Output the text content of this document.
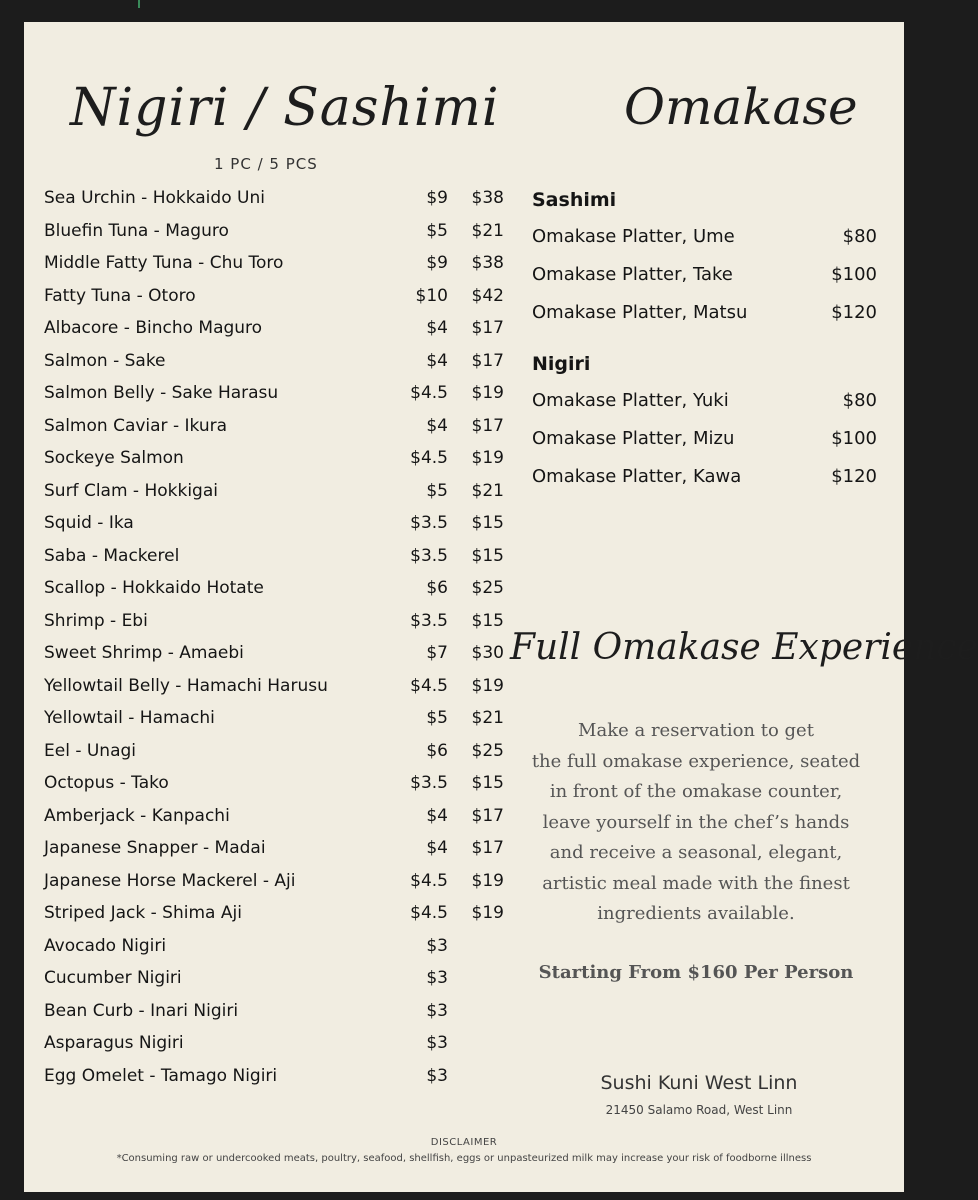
Nigiri / Sashimi
1 PC / 5 PCS
Sea Urchin - Hokkaido Uni	$9	$38
Bluefin Tuna - Maguro	$5	$21
Middle Fatty Tuna - Chu Toro	$9	$38
Fatty Tuna - Otoro	$10	$42
Albacore - Bincho Maguro	$4	$17
Salmon - Sake	$4	$17
Salmon Belly - Sake Harasu	$4.5	$19
Salmon Caviar - Ikura	$4	$17
Sockeye Salmon	$4.5	$19
Surf Clam - Hokkigai	$5	$21
Squid - Ika	$3.5	$15
Saba - Mackerel	$3.5	$15
Scallop - Hokkaido Hotate	$6	$25
Shrimp - Ebi	$3.5	$15
Sweet Shrimp - Amaebi	$7	$30
Yellowtail Belly - Hamachi Harusu	$4.5	$19
Yellowtail - Hamachi	$5	$21
Eel - Unagi	$6	$25
Octopus - Tako	$3.5	$15
Amberjack - Kanpachi	$4	$17
Japanese Snapper - Madai	$4	$17
Japanese Horse Mackerel - Aji	$4.5	$19
Striped Jack - Shima Aji	$4.5	$19
Avocado Nigiri	$3
Cucumber Nigiri	$3
Bean Curb - Inari Nigiri	$3
Asparagus Nigiri	$3
Egg Omelet - Tamago Nigiri	$3
Omakase
Sashimi
Omakase Platter, Ume	$80
Omakase Platter, Take	$100
Omakase Platter, Matsu	$120
Nigiri
Omakase Platter, Yuki	$80
Omakase Platter, Mizu	$100
Omakase Platter, Kawa	$120
Full Omakase Experience
Make a reservation to get
the full omakase experience, seated
in front of the omakase counter,
leave yourself in the chef’s hands
and receive a seasonal, elegant,
artistic meal made with the finest
ingredients available.
Starting From $160 Per Person
Sushi Kuni West Linn
21450 Salamo Road, West Linn
DISCLAIMER
*Consuming raw or undercooked meats, poultry, seafood, shellfish, eggs or unpasteurized milk may increase your risk of foodborne illness
